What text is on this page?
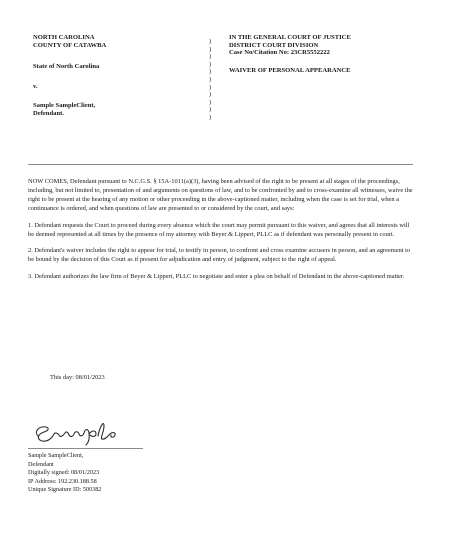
NORTH CAROLINA
COUNTY OF CATAWBA
State of North Carolina
v.
Sample SampleClient,
Defendant.
)
)
)
)
)
)
)
)
)
)
)
IN THE GENERAL COURT OF JUSTICE
DISTRICT COURT DIVISION
Case No/Citation No: 23CR5552222
WAIVER OF PERSONAL APPEARANCE

NOW COMES, Defendant pursuant to N.C.G.S. § 15A-1011(a)(3), having been advised of the right to be present at all stages of the proceedings, including, but not limited to, presentation of and arguments on questions of law, and to be confronted by and to cross-examine all witnesses, waive the right to be present at the hearing of any motion or other proceeding in the above-captioned matter, including when the case is set for trial, when a continuance is ordered, and when questions of law are presented to or considered by the court, and says:

1. Defendant requests the Court to proceed during every absence which the court may permit pursuant to this waiver, and agrees that all interests will be deemed represented at all times by the presence of my attorney with Beyer & Lippert, PLLC as if defendant was personally present in court.

2. Defendant's waiver includes the right to appear for trial, to testify in person, to confront and cross examine accusers in person, and an agreement to be bound by the decision of this Court as if present for adjudication and entry of judgment, subject to the right of appeal.

3. Defendant authorizes the law firm of Beyer & Lippert, PLLC to negotiate and enter a plea on behalf of Defendant in the above-captioned matter.

This day: 08/01/2023
Sample SampleClient,
Defendant
Digitally signed: 08/01/2023
IP Address: 192.230.188.58
Unique Signature ID: 500382
